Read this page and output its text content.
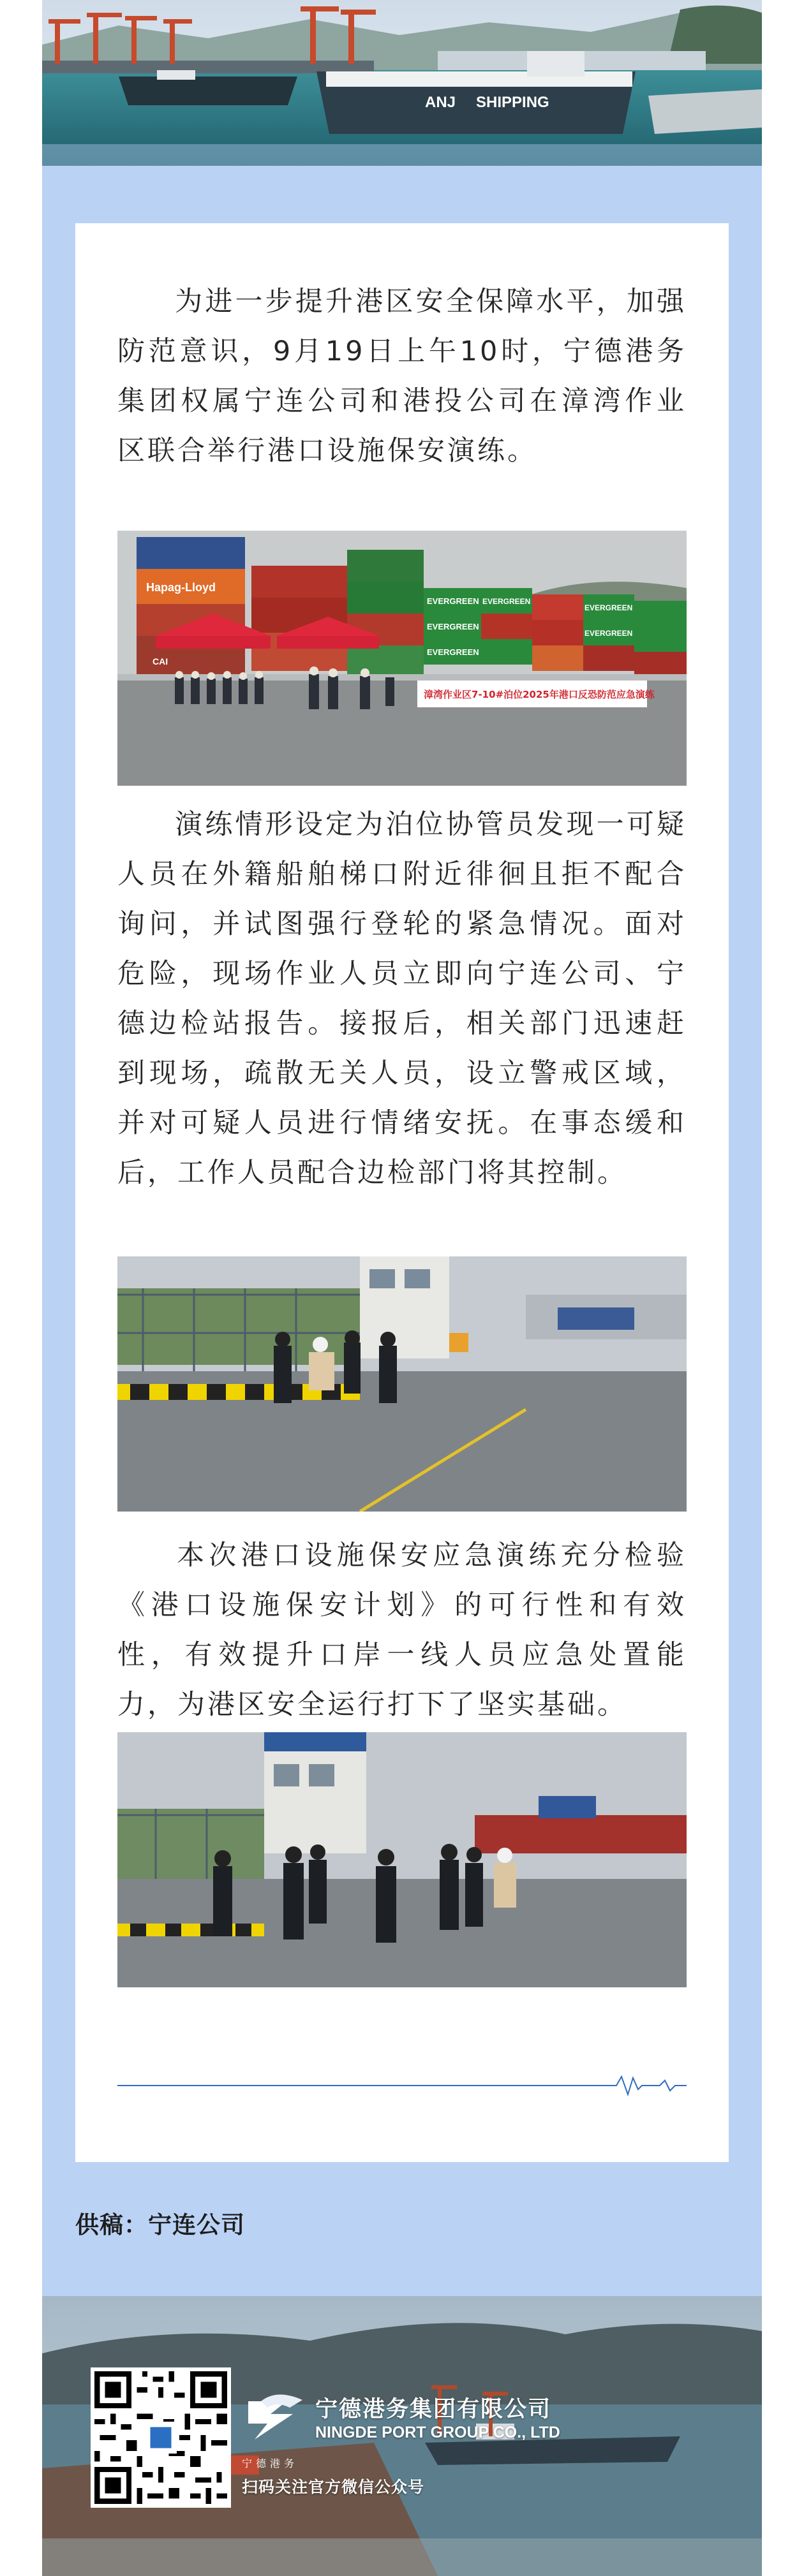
ANJ SHIPPING

为进一步提升港区安全保障水平，加强防范意识，9月19日上午10时，宁德港务集团权属宁连公司和港投公司在漳湾作业区联合举行港口设施保安演练。

Hapag-Lloyd
EVERGREEN
EVERGREEN
EVERGREEN
EVERGREEN
EVERGREEN
EVERGREEN
CAI
漳湾作业区7-10#泊位2025年港口反恐防范应急演练

演练情形设定为泊位协管员发现一可疑人员在外籍船舶梯口附近徘徊且拒不配合询问，并试图强行登轮的紧急情况。面对危险，现场作业人员立即向宁连公司、宁德边检站报告。接报后，相关部门迅速赶到现场，疏散无关人员，设立警戒区域，并对可疑人员进行情绪安抚。在事态缓和后，工作人员配合边检部门将其控制。

本次港口设施保安应急演练充分检验《港口设施保安计划》的可行性和有效性，有效提升口岸一线人员应急处置能力，为港区安全运行打下了坚实基础。

供稿：宁连公司
宁德港务集团有限公司
NINGDE PORT GROUP CO., LTD
宁德港务
扫码关注官方微信公众号
